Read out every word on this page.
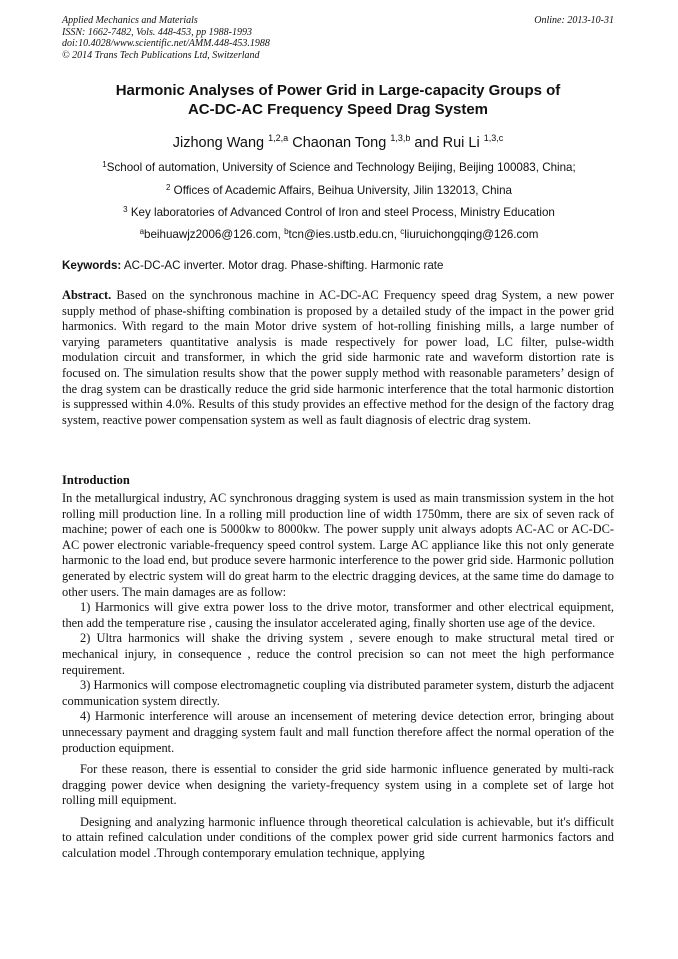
Applied Mechanics and Materials	Online: 2013-10-31
ISSN: 1662-7482, Vols. 448-453, pp 1988-1993
doi:10.4028/www.scientific.net/AMM.448-453.1988
© 2014 Trans Tech Publications Ltd, Switzerland
Harmonic Analyses of Power Grid in Large-capacity Groups of
AC-DC-AC Frequency Speed Drag System
Jizhong Wang $^{1,2,a}$ Chaonan Tong $^{1,3,b}$ and Rui Li $^{1,3,c}$
$^1$School of automation, University of Science and Technology Beijing, Beijing 100083, China;
$^2$ Offices of Academic Affairs, Beihua University, Jilin 132013, China
$^3$ Key laboratories of Advanced Control of Iron and steel Process, Ministry Education
$^a$beihuawjz2006@126.com, $^b$tcn@ies.ustb.edu.cn, $^c$liuruichongqing@126.com
Keywords: AC-DC-AC inverter. Motor drag. Phase-shifting. Harmonic rate
Abstract. Based on the synchronous machine in AC-DC-AC Frequency speed drag System, a new power supply method of phase-shifting combination is proposed by a detailed study of the impact in the power grid harmonics. With regard to the main Motor drive system of hot-rolling finishing mills, a large number of varying parameters quantitative analysis is made respectively for power load, LC filter, pulse-width modulation circuit and transformer, in which the grid side harmonic rate and waveform distortion rate is focused on. The simulation results show that the power supply method with reasonable parameters’ design of the drag system can be drastically reduce the grid side harmonic interference that the total harmonic distortion is suppressed within 4.0%. Results of this study provides an effective method for the design of the factory drag system, reactive power compensation system as well as fault diagnosis of electric drag system.
Introduction

In the metallurgical industry, AC synchronous dragging system is used as main transmission system in the hot rolling mill production line. In a rolling mill production line of width 1750mm, there are six of seven rack of machine; power of each one is 5000kw to 8000kw. The power supply unit always adopts AC-AC or AC-DC-AC power electronic variable-frequency speed control system. Large AC appliance like this not only generate harmonic to the load end, but produce severe harmonic interference to the power grid side. Harmonic pollution generated by electric system will do great harm to the electric dragging devices, at the same time do damage to other users. The main damages are as follow:

1) Harmonics will give extra power loss to the drive motor, transformer and other electrical equipment, then add the temperature rise , causing the insulator accelerated aging, finally shorten use age of the device.

2) Ultra harmonics will shake the driving system , severe enough to make structural metal tired or mechanical injury, in consequence , reduce the control precision so can not meet the high performance requirement.

3) Harmonics will compose electromagnetic coupling via distributed parameter system, disturb the adjacent communication system directly.

4) Harmonic interference will arouse an incensement of metering device detection error, bringing about unnecessary payment and dragging system fault and mall function therefore affect the normal operation of the production equipment.

For these reason, there is essential to consider the grid side harmonic influence generated by multi-rack dragging power device when designing the variety-frequency system using in a complete set of large hot rolling mill equipment.

Designing and analyzing harmonic influence through theoretical calculation is achievable, but it's difficult to attain refined calculation under conditions of the complex power grid side current harmonics factors and calculation model .Through contemporary emulation technique, applying
